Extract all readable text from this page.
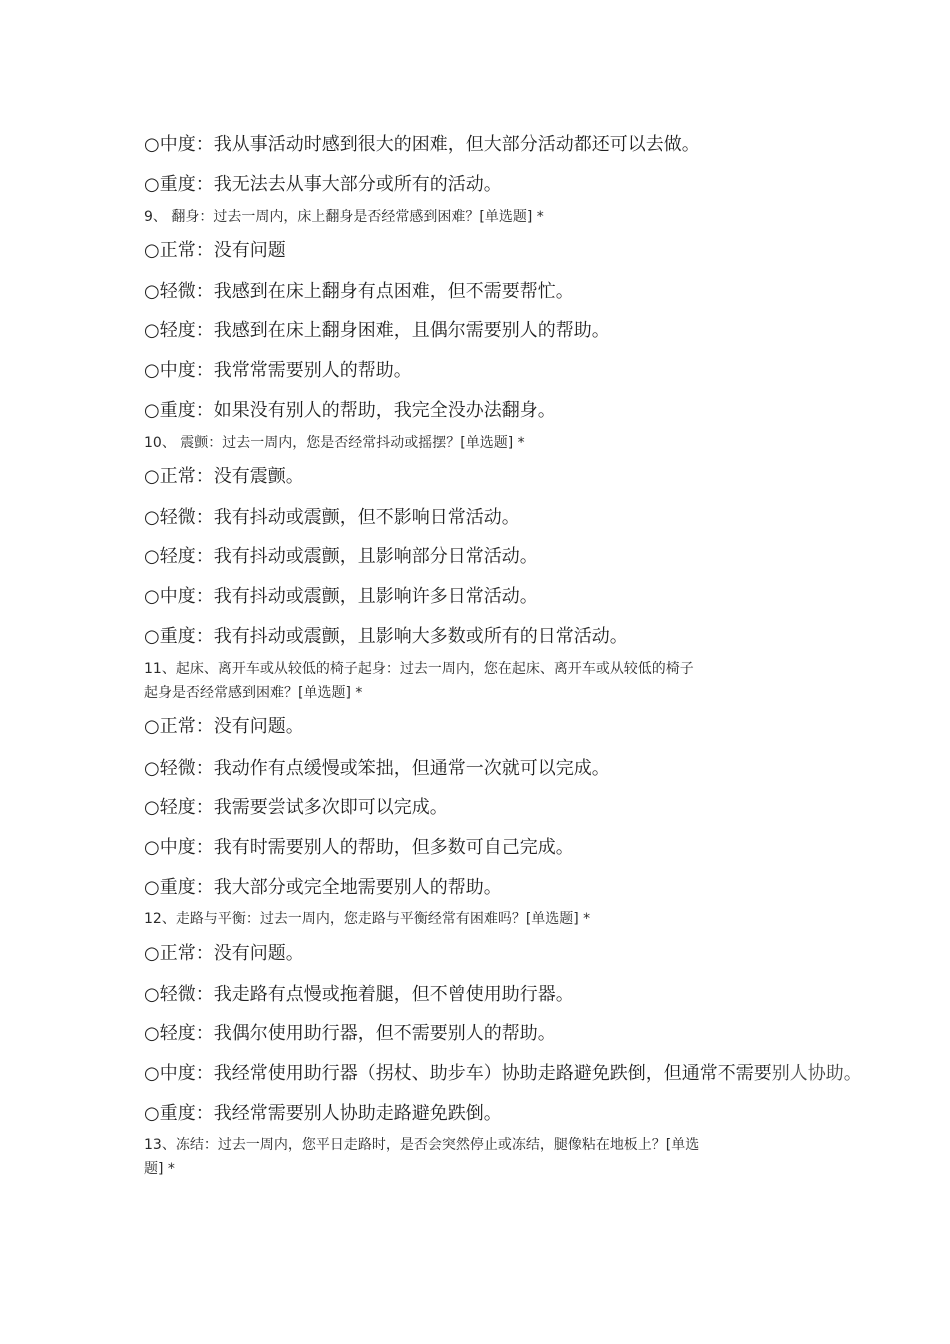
○中度：我从事活动时感到很大的困难，但大部分活动都还可以去做。
○重度：我无法去从事大部分或所有的活动。
9、 翻身：过去一周内，床上翻身是否经常感到困难？[单选题] *
○正常：没有问题
○轻微：我感到在床上翻身有点困难，但不需要帮忙。
○轻度：我感到在床上翻身困难，且偶尔需要别人的帮助。
○中度：我常常需要别人的帮助。
○重度：如果没有别人的帮助，我完全没办法翻身。
10、 震颤：过去一周内，您是否经常抖动或摇摆？[单选题] *
○正常：没有震颤。
○轻微：我有抖动或震颤，但不影响日常活动。
○轻度：我有抖动或震颤，且影响部分日常活动。
○中度：我有抖动或震颤，且影响许多日常活动。
○重度：我有抖动或震颤，且影响大多数或所有的日常活动。
11、起床、离开车或从较低的椅子起身：过去一周内，您在起床、离开车或从较低的椅子
起身是否经常感到困难？[单选题] *
○正常：没有问题。
○轻微：我动作有点缓慢或笨拙，但通常一次就可以完成。
○轻度：我需要尝试多次即可以完成。
○中度：我有时需要别人的帮助，但多数可自己完成。
○重度：我大部分或完全地需要别人的帮助。
12、走路与平衡：过去一周内，您走路与平衡经常有困难吗？[单选题] *
○正常：没有问题。
○轻微：我走路有点慢或拖着腿，但不曾使用助行器。
○轻度：我偶尔使用助行器，但不需要别人的帮助。
○中度：我经常使用助行器（拐杖、助步车）协助走路避免跌倒，但通常不需要别人协助。
○重度：我经常需要别人协助走路避免跌倒。
13、冻结：过去一周内，您平日走路时，是否会突然停止或冻结，腿像粘在地板上？[单选
题] *
